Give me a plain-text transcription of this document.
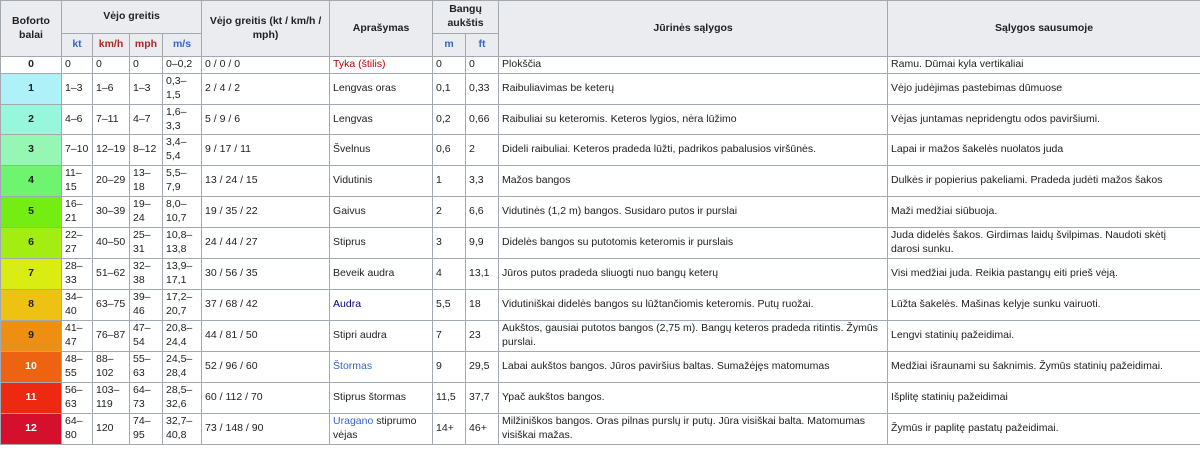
Boforto balai	Vėjo greitis				Vėjo greitis (kt / km/h / mph)	Aprašymas	Bangų aukštis		Jūrinės sąlygos	Sąlygos sausumoje
	kt	km/h	mph	m/s			m	ft		
0	0	0	0	0–0,2	0 / 0 / 0	Tyka (štilis)	0	0	Plokščia	Ramu. Dūmai kyla vertikaliai
1	1–3	1–6	1–3	0,3–1,5	2 / 4 / 2	Lengvas oras	0,1	0,33	Raibuliavimas be keterų	Vėjo judėjimas pastebimas dūmuose
2	4–6	7–11	4–7	1,6–3,3	5 / 9 / 6	Lengvas	0,2	0,66	Raibuliai su keteromis. Keteros lygios, nėra lūžimo	Vėjas juntamas nepridengtu odos paviršiumi.
3	7–10	12–19	8–12	3,4–5,4	9 / 17 / 11	Švelnus	0,6	2	Dideli raibuliai. Keteros pradeda lūžti, padrikos pabalusios viršūnės.	Lapai ir mažos šakelės nuolatos juda
4	11–15	20–29	13–18	5,5–7,9	13 / 24 / 15	Vidutinis	1	3,3	Mažos bangos	Dulkės ir popierius pakeliami. Pradeda judėti mažos šakos
5	16–21	30–39	19–24	8,0–10,7	19 / 35 / 22	Gaivus	2	6,6	Vidutinės (1,2 m) bangos. Susidaro putos ir purslai	Maži medžiai siūbuoja.
6	22–27	40–50	25–31	10,8–13,8	24 / 44 / 27	Stiprus	3	9,9	Didelės bangos su putotomis keteromis ir purslais	Juda didelės šakos. Girdimas laidų švilpimas. Naudoti skėtį darosi sunku.
7	28–33	51–62	32–38	13,9–17,1	30 / 56 / 35	Beveik audra	4	13,1	Jūros putos pradeda sliuogti nuo bangų keterų	Visi medžiai juda. Reikia pastangų eiti prieš vėją.
8	34–40	63–75	39–46	17,2–20,7	37 / 68 / 42	Audra	5,5	18	Vidutiniškai didelės bangos su lūžtančiomis keteromis. Putų ruožai.	Lūžta šakelės. Mašinas kelyje sunku vairuoti.
9	41–47	76–87	47–54	20,8–24,4	44 / 81 / 50	Stipri audra	7	23	Aukštos, gausiai putotos bangos (2,75 m). Bangų keteros pradeda ritintis. Žymūs purslai.	Lengvi statinių pažeidimai.
10	48–55	88–102	55–63	24,5–28,4	52 / 96 / 60	Štormas	9	29,5	Labai aukštos bangos. Jūros paviršius baltas. Sumažėjęs matomumas	Medžiai išraunami su šaknimis. Žymūs statinių pažeidimai.
11	56–63	103–119	64–73	28,5–32,6	60 / 112 / 70	Stiprus štormas	11,5	37,7	Ypač aukštos bangos.	Išplitę statinių pažeidimai
12	64–80	120	74–95	32,7–40,8	73 / 148 / 90	Uragano stiprumo vėjas	14+	46+	Milžiniškos bangos. Oras pilnas purslų ir putų. Jūra visiškai balta. Matomumas visiškai mažas.	Žymūs ir paplitę pastatų pažeidimai.
